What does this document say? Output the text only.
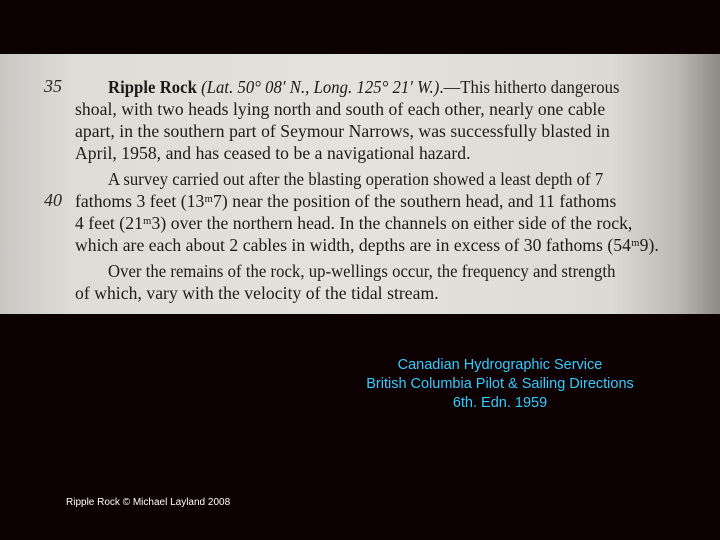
35
40
Ripple Rock (Lat. 50° 08′ N., Long. 125° 21′ W.).—This hitherto dangerous
shoal, with two heads lying north and south of each other, nearly one cable
apart, in the southern part of Seymour Narrows, was successfully blasted in
April, 1958, and has ceased to be a navigational hazard.
A survey carried out after the blasting operation showed a least depth of 7
fathoms 3 feet (13ᵐ7) near the position of the southern head, and 11 fathoms
4 feet (21ᵐ3) over the northern head. In the channels on either side of the rock,
which are each about 2 cables in width, depths are in excess of 30 fathoms (54ᵐ9).
Over the remains of the rock, up-wellings occur, the frequency and strength
of which, vary with the velocity of the tidal stream.
Canadian Hydrographic Service
British Columbia Pilot & Sailing Directions
6th. Edn. 1959
Ripple Rock © Michael Layland 2008
